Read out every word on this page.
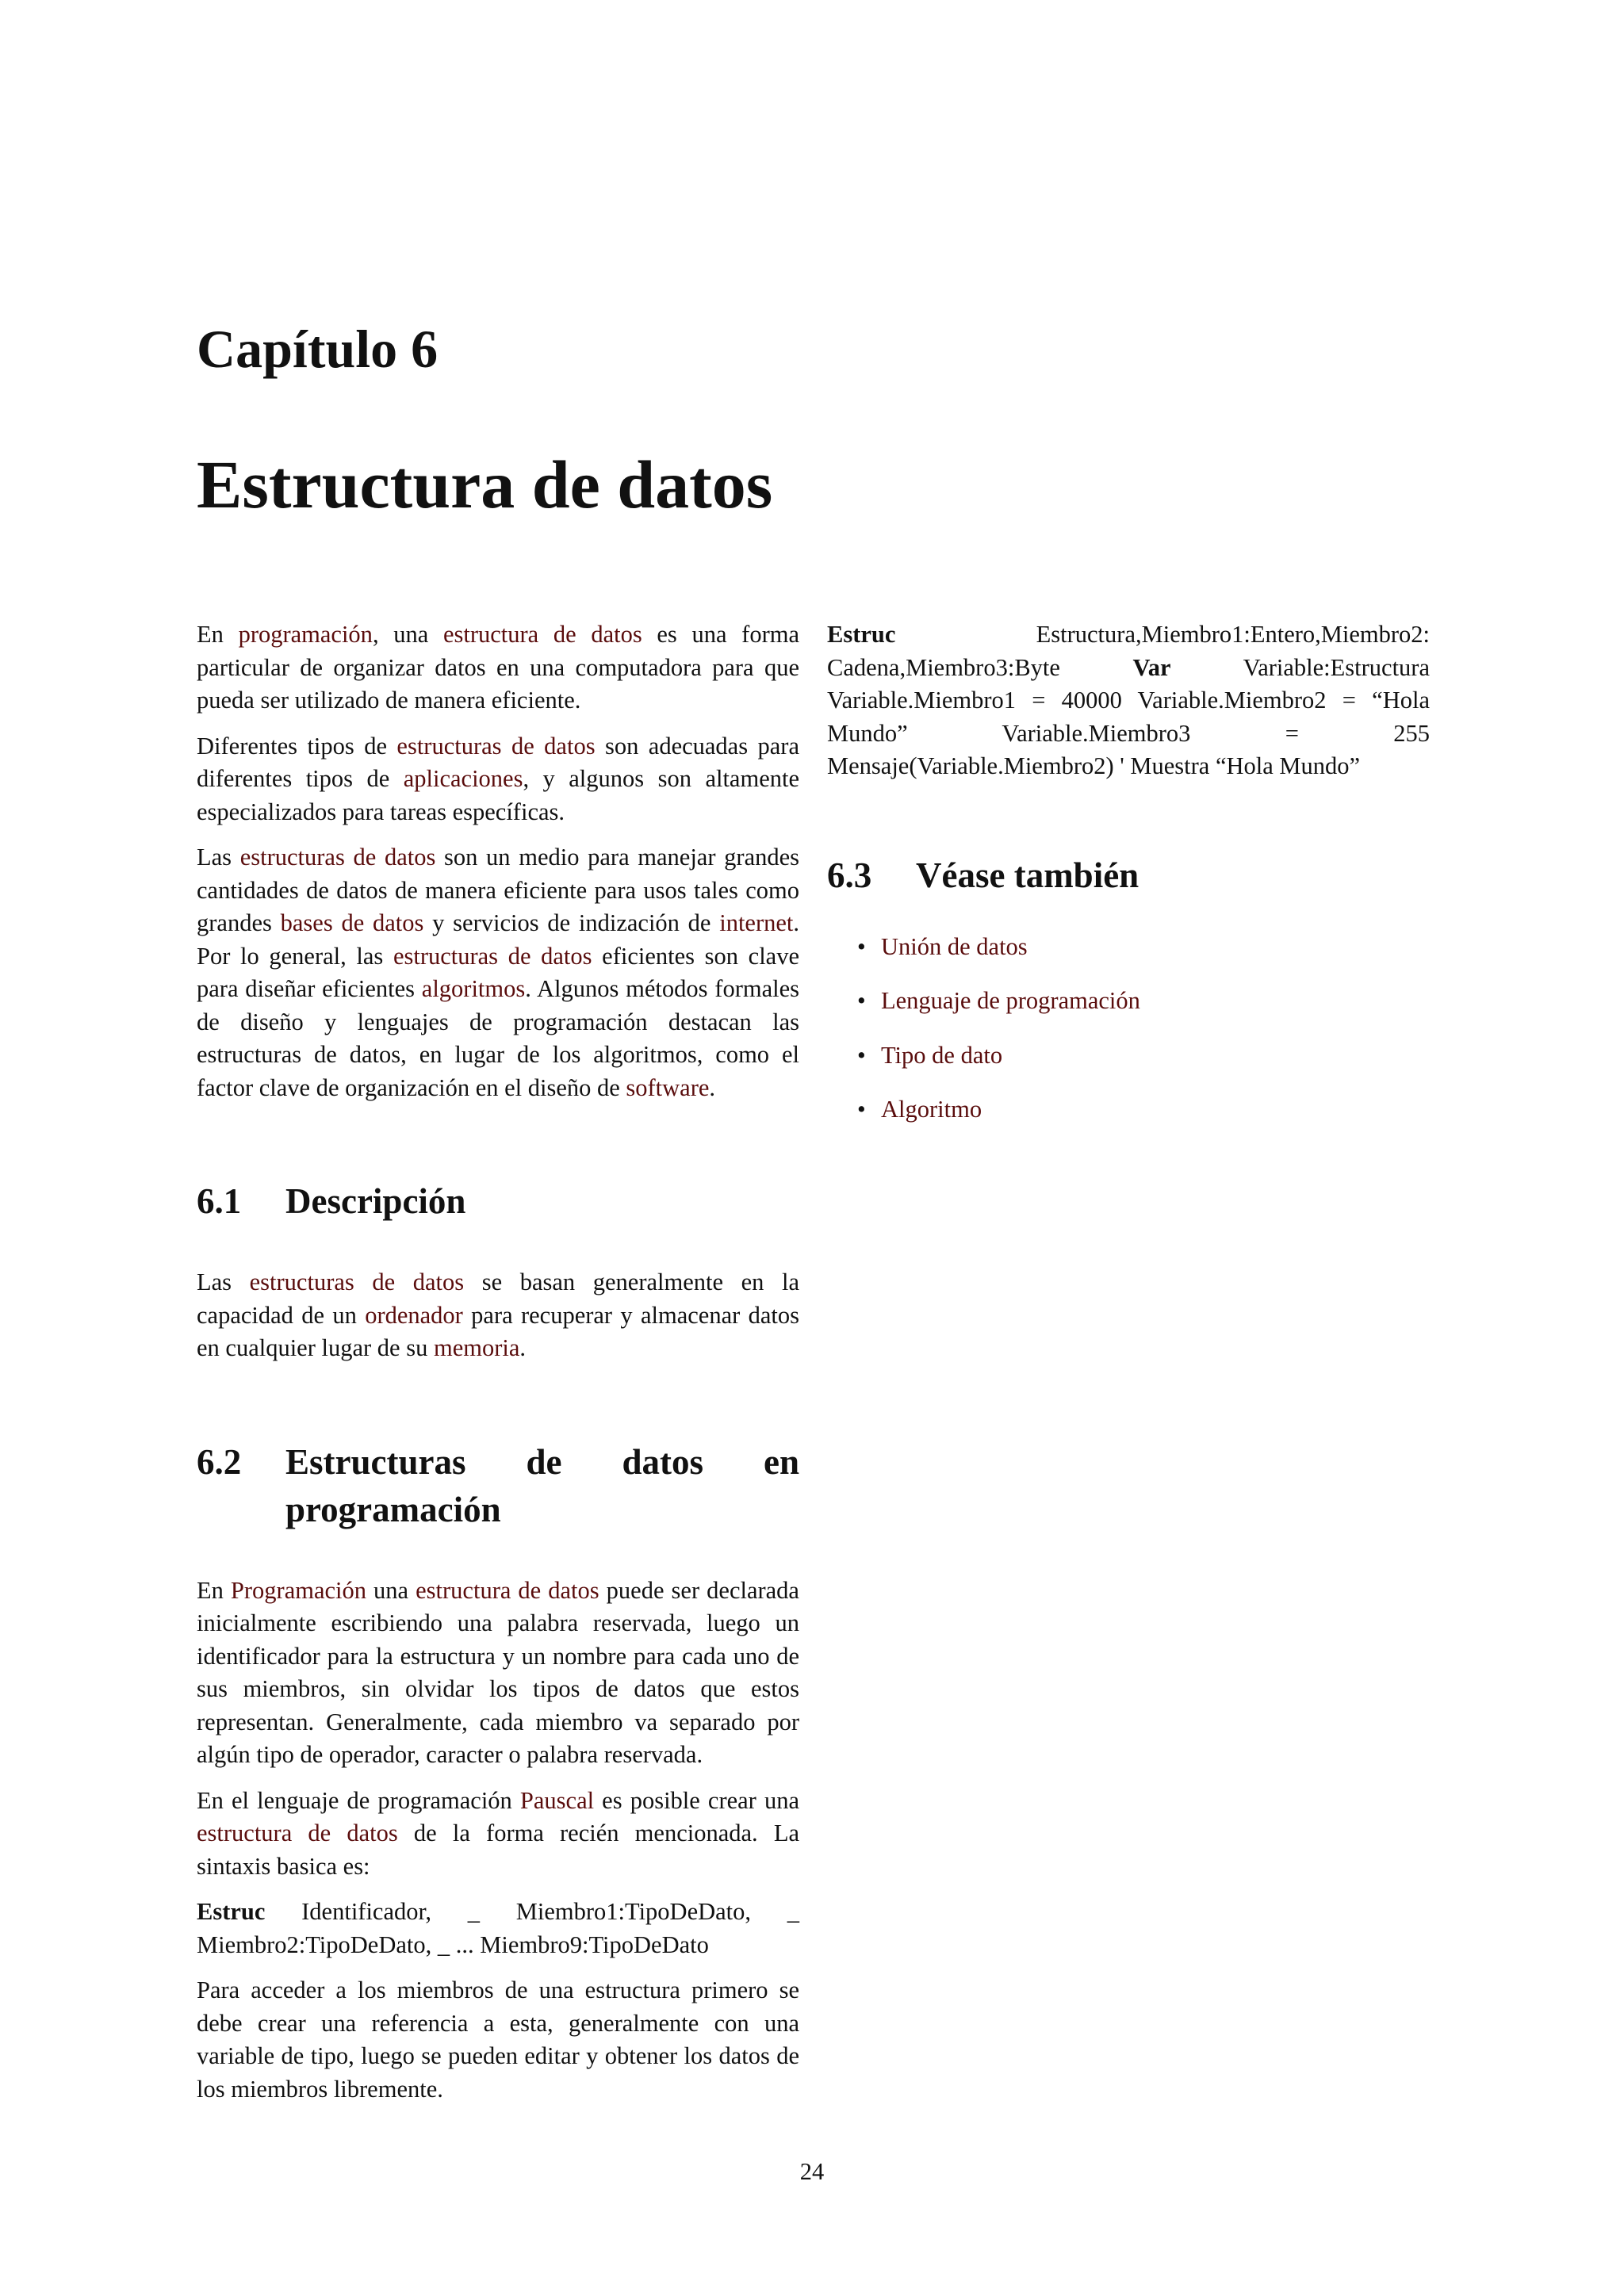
Capítulo 6
Estructura de datos

En programación, una estructura de datos es una forma particular de organizar datos en una computadora para que pueda ser utilizado de manera eficiente.

Diferentes tipos de estructuras de datos son adecuadas para diferentes tipos de aplicaciones, y algunos son altamente especializados para tareas específicas.

Las estructuras de datos son un medio para manejar grandes cantidades de datos de manera eficiente para usos tales como grandes bases de datos y servicios de indización de internet. Por lo general, las estructuras de datos eficientes son clave para diseñar eficientes algoritmos. Algunos métodos formales de diseño y lenguajes de programación destacan las estructuras de datos, en lugar de los algoritmos, como el factor clave de organización en el diseño de software.

6.1	Descripción

Las estructuras de datos se basan generalmente en la capacidad de un ordenador para recuperar y almacenar datos en cualquier lugar de su memoria.

6.2	Estructuras de datos en programación

En Programación una estructura de datos puede ser declarada inicialmente escribiendo una palabra reservada, luego un identificador para la estructura y un nombre para cada uno de sus miembros, sin olvidar los tipos de datos que estos representan. Generalmente, cada miembro va separado por algún tipo de operador, caracter o palabra reservada.

En el lenguaje de programación Pauscal es posible crear una estructura de datos de la forma recién mencionada. La sintaxis basica es:

Estruc Identificador, _ Miembro1:TipoDeDato, _ Miembro2:TipoDeDato, _ ... Miembro9:TipoDeDato

Para acceder a los miembros de una estructura primero se debe crear una referencia a esta, generalmente con una variable de tipo, luego se pueden editar y obtener los datos de los miembros libremente.

Estruc Estructura,Miembro1:Entero,Miembro2: Cadena,Miembro3:Byte Var Variable:Estructura Variable.Miembro1 = 40000 Variable.Miembro2 = “Hola Mundo” Variable.Miembro3 = 255 Mensaje(Variable.Miembro2) ' Muestra “Hola Mundo”

6.3	Véase también
• Unión de datos
• Lenguaje de programación
• Tipo de dato
• Algoritmo
24
